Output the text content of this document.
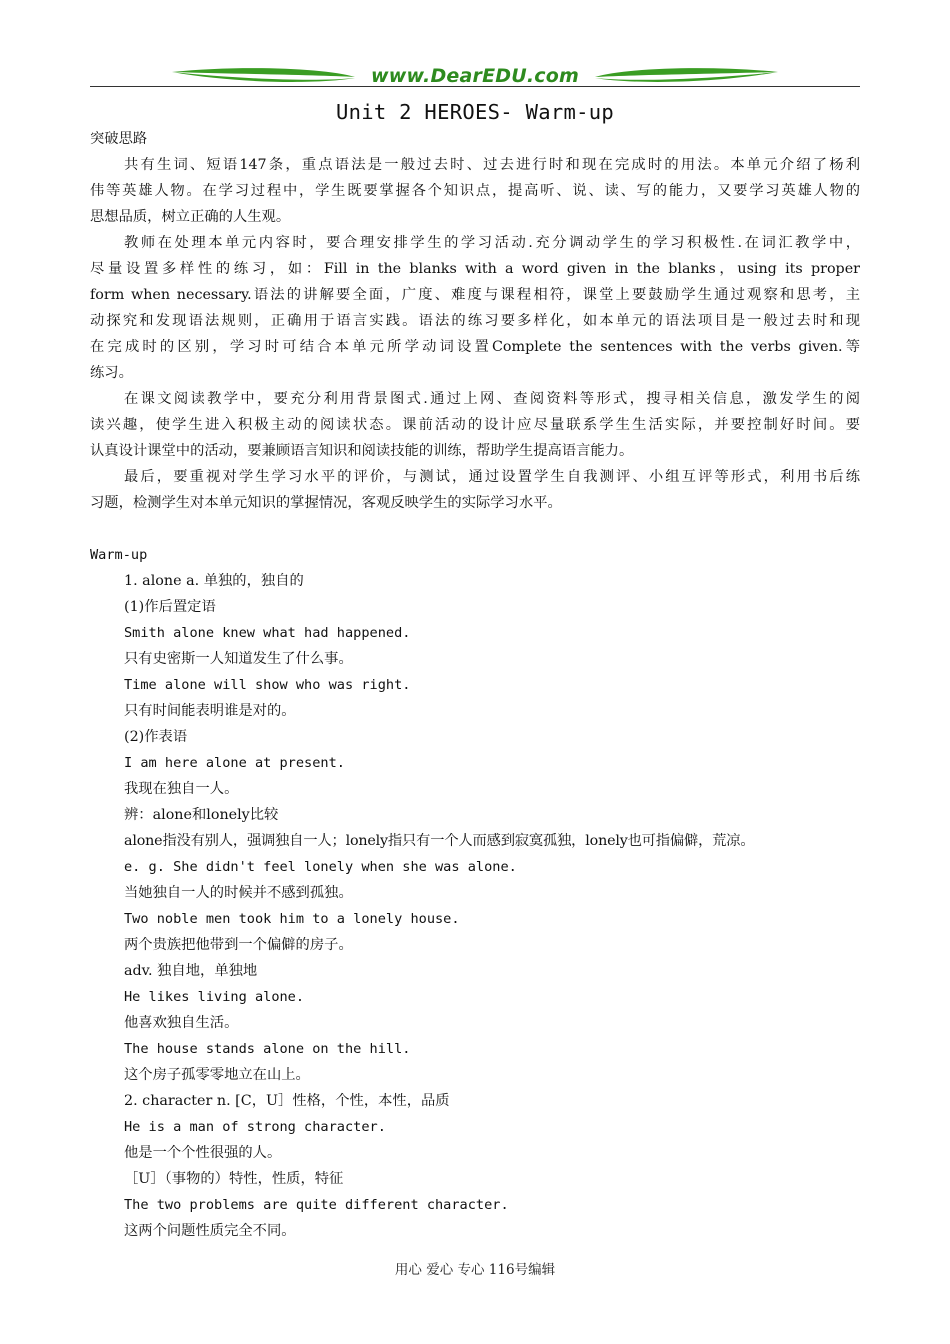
www.DearEDU.com
Unit 2 HEROES- Warm-up
突破思路
共有生词、短语147条，重点语法是一般过去时、过去进行时和现在完成时的用法。本单元介绍了杨利
伟等英雄人物。在学习过程中，学生既要掌握各个知识点，提高听、说、读、写的能力，又要学习英雄人物的
思想品质，树立正确的人生观。
教师在处理本单元内容时，要合理安排学生的学习活动.充分调动学生的学习积极性.在词汇教学中，
尽量设置多样性的练习，如：Fill in the blanks with a word given in the blanks，using its proper
form when necessary.语法的讲解要全面，广度、难度与课程相符，课堂上要鼓励学生通过观察和思考，主
动探究和发现语法规则，正确用于语言实践。语法的练习要多样化，如本单元的语法项目是一般过去时和现
在完成时的区别，学习时可结合本单元所学动词设置Complete the sentences with the verbs given.等
练习。
在课文阅读教学中，要充分利用背景图式.通过上网、查阅资料等形式，搜寻相关信息，激发学生的阅
读兴趣，使学生进入积极主动的阅读状态。课前活动的设计应尽量联系学生生活实际，并要控制好时间。要
认真设计课堂中的活动，要兼顾语言知识和阅读技能的训练，帮助学生提高语言能力。
最后，要重视对学生学习水平的评价，与测试，通过设置学生自我测评、小组互评等形式，利用书后练
习题，检测学生对本单元知识的掌握情况，客观反映学生的实际学习水平。
Warm-up
1. alone a. 单独的，独自的
(1)作后置定语
Smith alone knew what had happened.
只有史密斯一人知道发生了什么事。
Time alone will show who was right.
只有时间能表明谁是对的。
(2)作表语
I am here alone at present.
我现在独自一人。
辨：alone和lonely比较
alone指没有别人，强调独自一人；lonely指只有一个人而感到寂寞孤独，lonely也可指偏僻，荒凉。
e. g. She didn't feel lonely when she was alone.
当她独自一人的时候并不感到孤独。
Two noble men took him to a lonely house.
两个贵族把他带到一个偏僻的房子。
adv. 独自地，单独地
He likes living alone.
他喜欢独自生活。
The house stands alone on the hill.
这个房子孤零零地立在山上。
2. character n. [C，U］性格，个性，本性，品质
He is a man of strong character.
他是一个个性很强的人。
［U］（事物的）特性，性质，特征
The two problems are quite different character.
这两个问题性质完全不同。
用心 爱心 专心 116号编辑
